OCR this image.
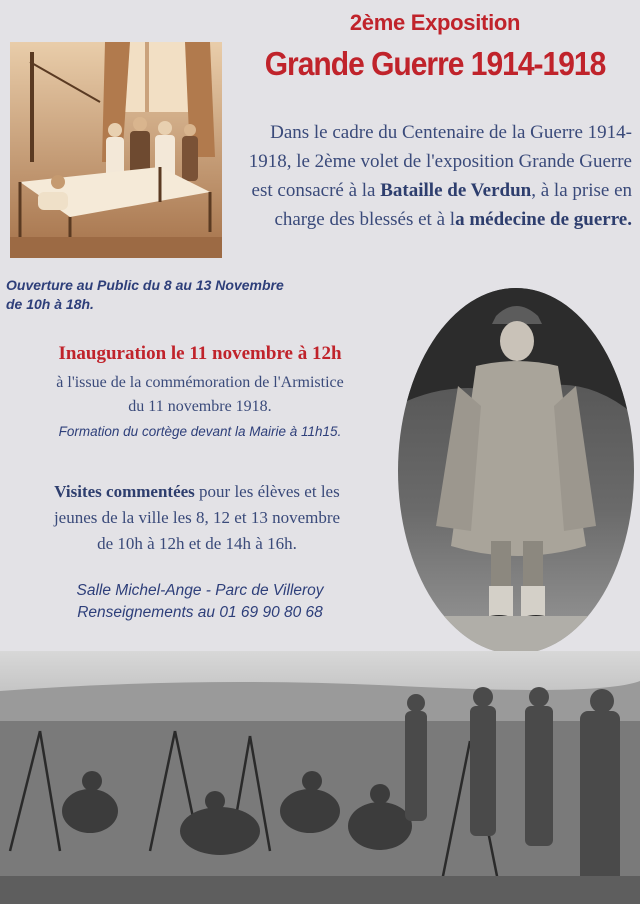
2ème Exposition
Grande Guerre 1914-1918
Dans le cadre du Centenaire de la Guerre 1914-1918, le 2ème volet de l'exposition Grande Guerre est consacré à la Bataille de Verdun, à la prise en charge des blessés et à la médecine de guerre.
Ouverture au Public du 8 au 13 Novembre
de 10h à 18h.
Inauguration le 11 novembre à 12h
à l'issue de la commémoration de l'Armistice
du 11 novembre 1918.
Formation du cortège devant la Mairie à 11h15.
Visites commentées pour les élèves et les
jeunes de la ville les 8, 12 et 13 novembre
de 10h à 12h et de 14h à 16h.
Salle Michel-Ange - Parc de Villeroy
Renseignements au 01 69 90 80 68
